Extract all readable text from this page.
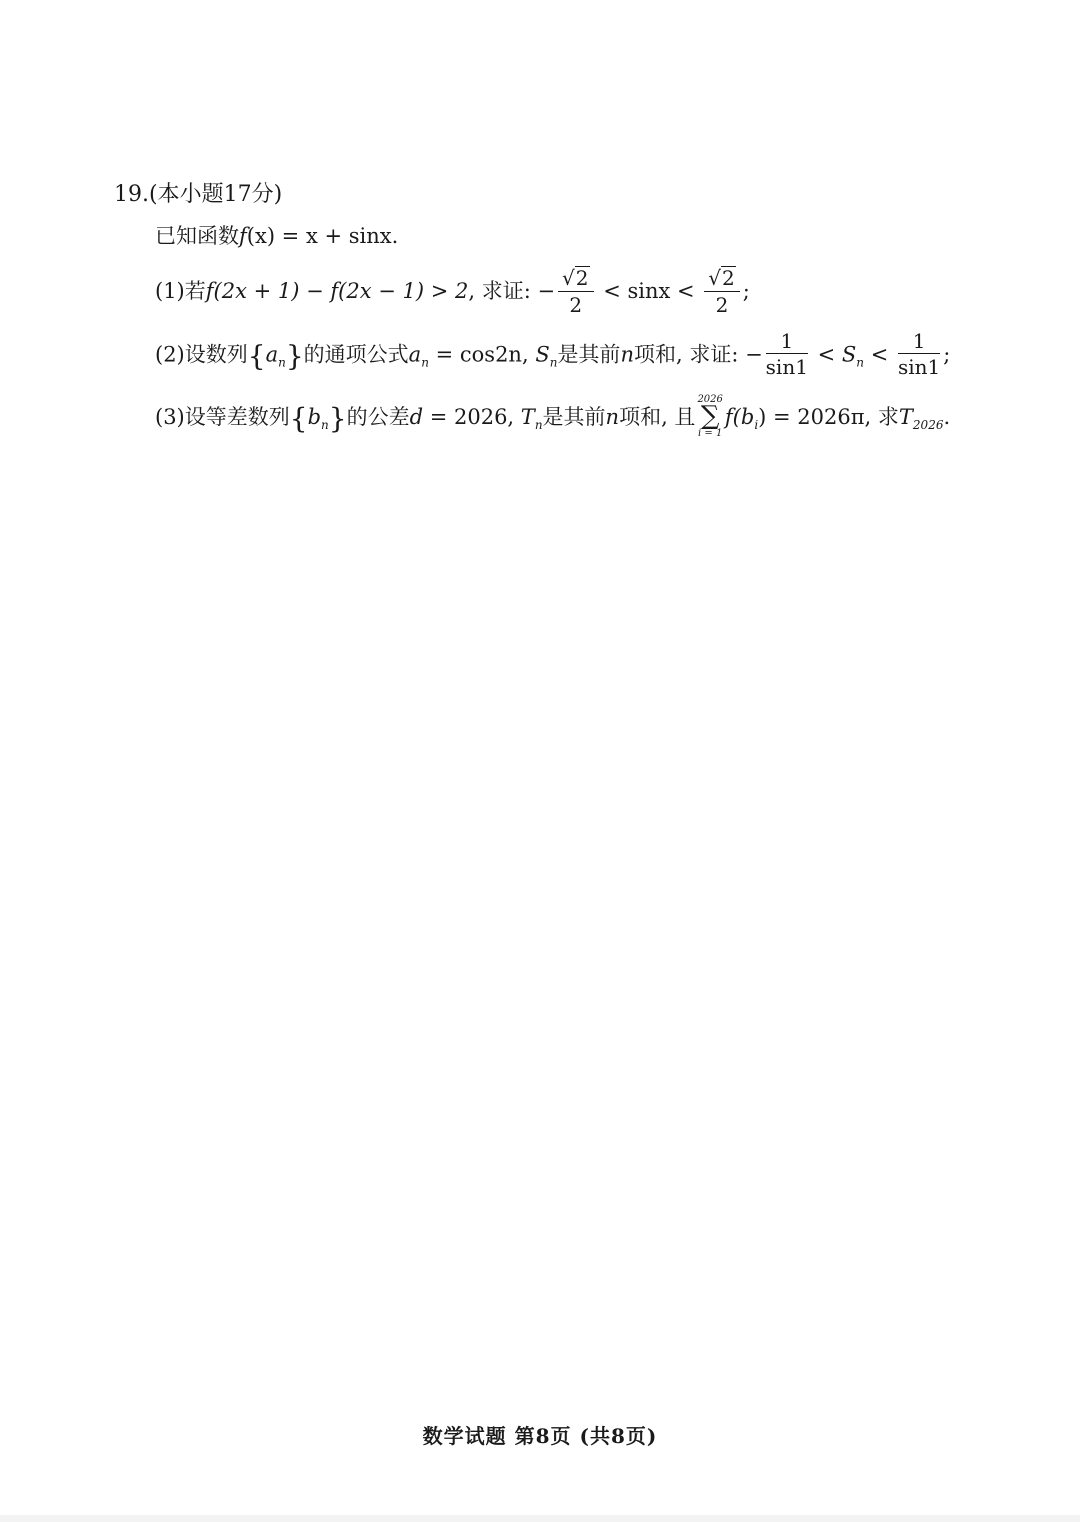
19.(本小题17分)
已知函数f(x) = x + sinx.
(1)若f(2x + 1) − f(2x − 1) > 2, 求证: − $\frac{√2}{2} < \sin x < \frac{√2}{2}$ ;
(2)设数列$\{a_n\}$的通项公式$a_n = \cos 2n$, $S_n$是其前n项和, 求证: − $\frac{1}{\sin 1} < S_n < \frac{1}{\sin 1}$ ;
(3)设等差数列$\{b_n\}$的公差d = 2026, $T_n$是其前n项和, 且
2026
∑
i = 1
$f(b_i) = 2026\pi$, 求$T_{2026}$.
数学试题 第8页 (共8页)
